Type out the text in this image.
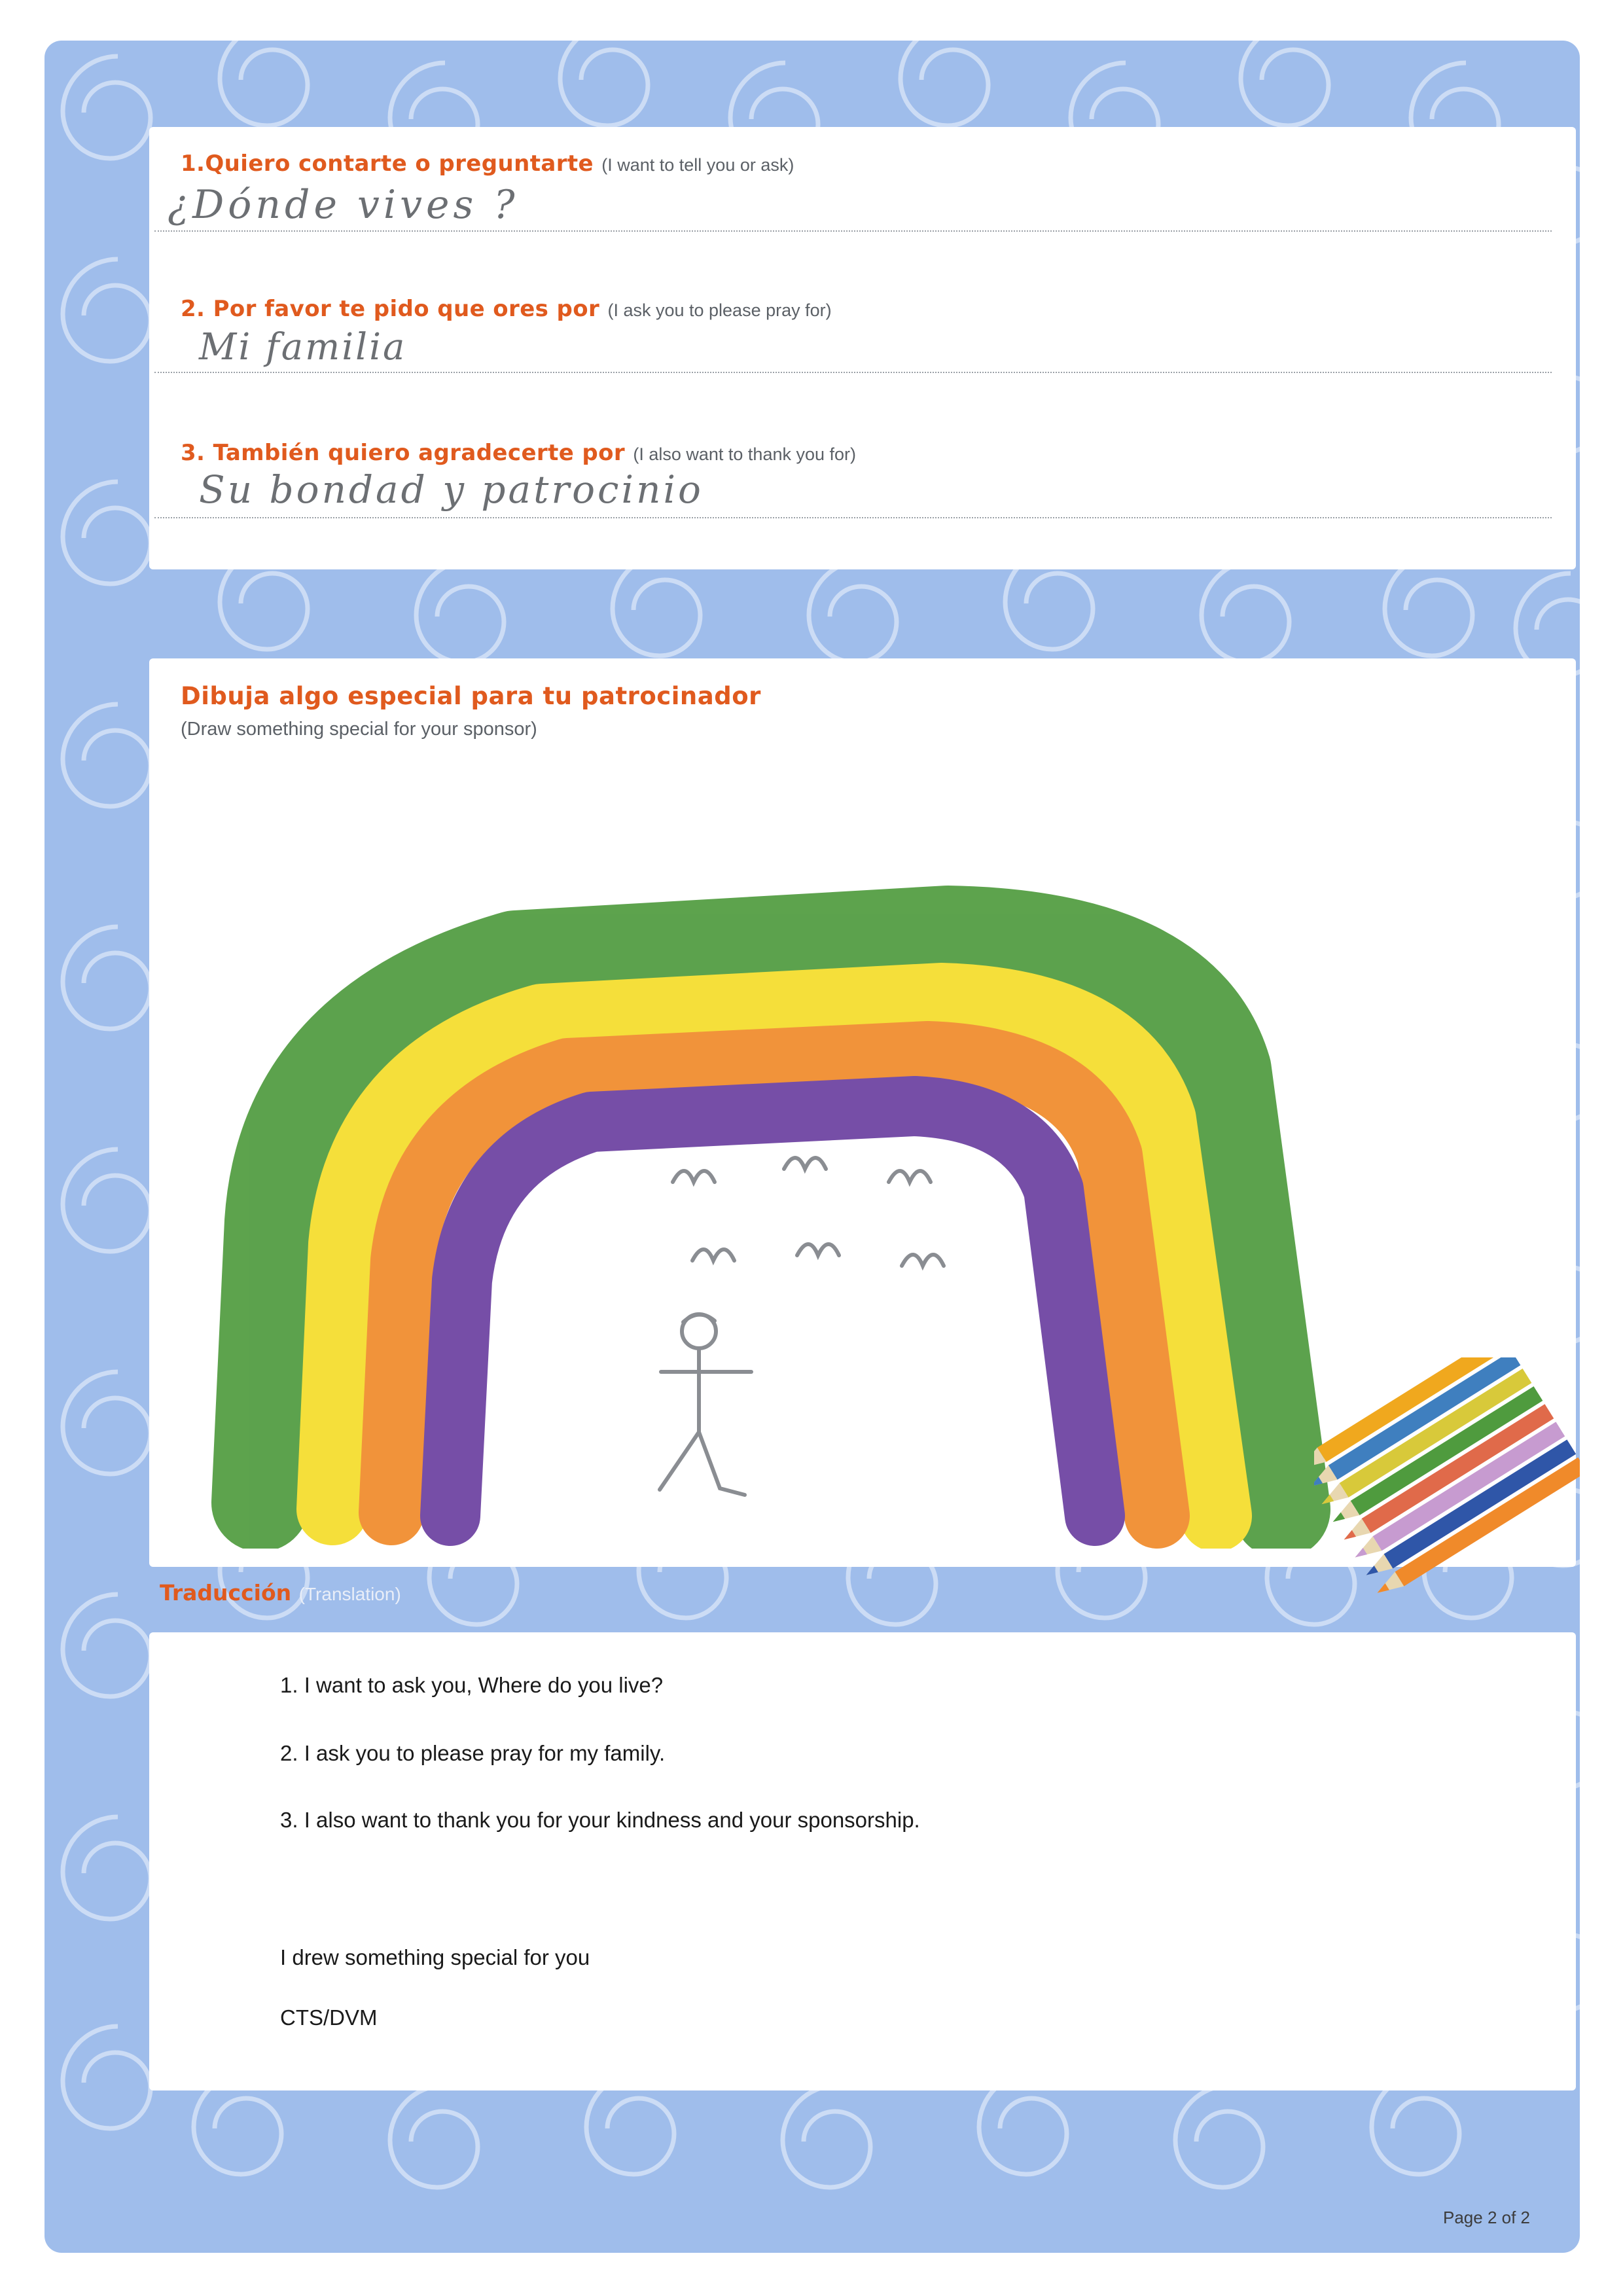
1.Quiero contarte o preguntarte (I want to tell you or ask)
¿Dónde vives ?
2. Por favor te pido que ores por (I ask you to please pray for)
Mi familia
3. También quiero agradecerte por (I also want to thank you for)
Su bondad y patrocinio
Dibuja algo especial para tu patrocinador
(Draw something special for your sponsor)
Traducción (Translation)
1. I want to ask you, Where do you live?
2. I ask you to please pray for my family.
3. I also want to thank you for your kindness and your sponsorship.
I drew something special for you
CTS/DVM
Page 2 of 2
